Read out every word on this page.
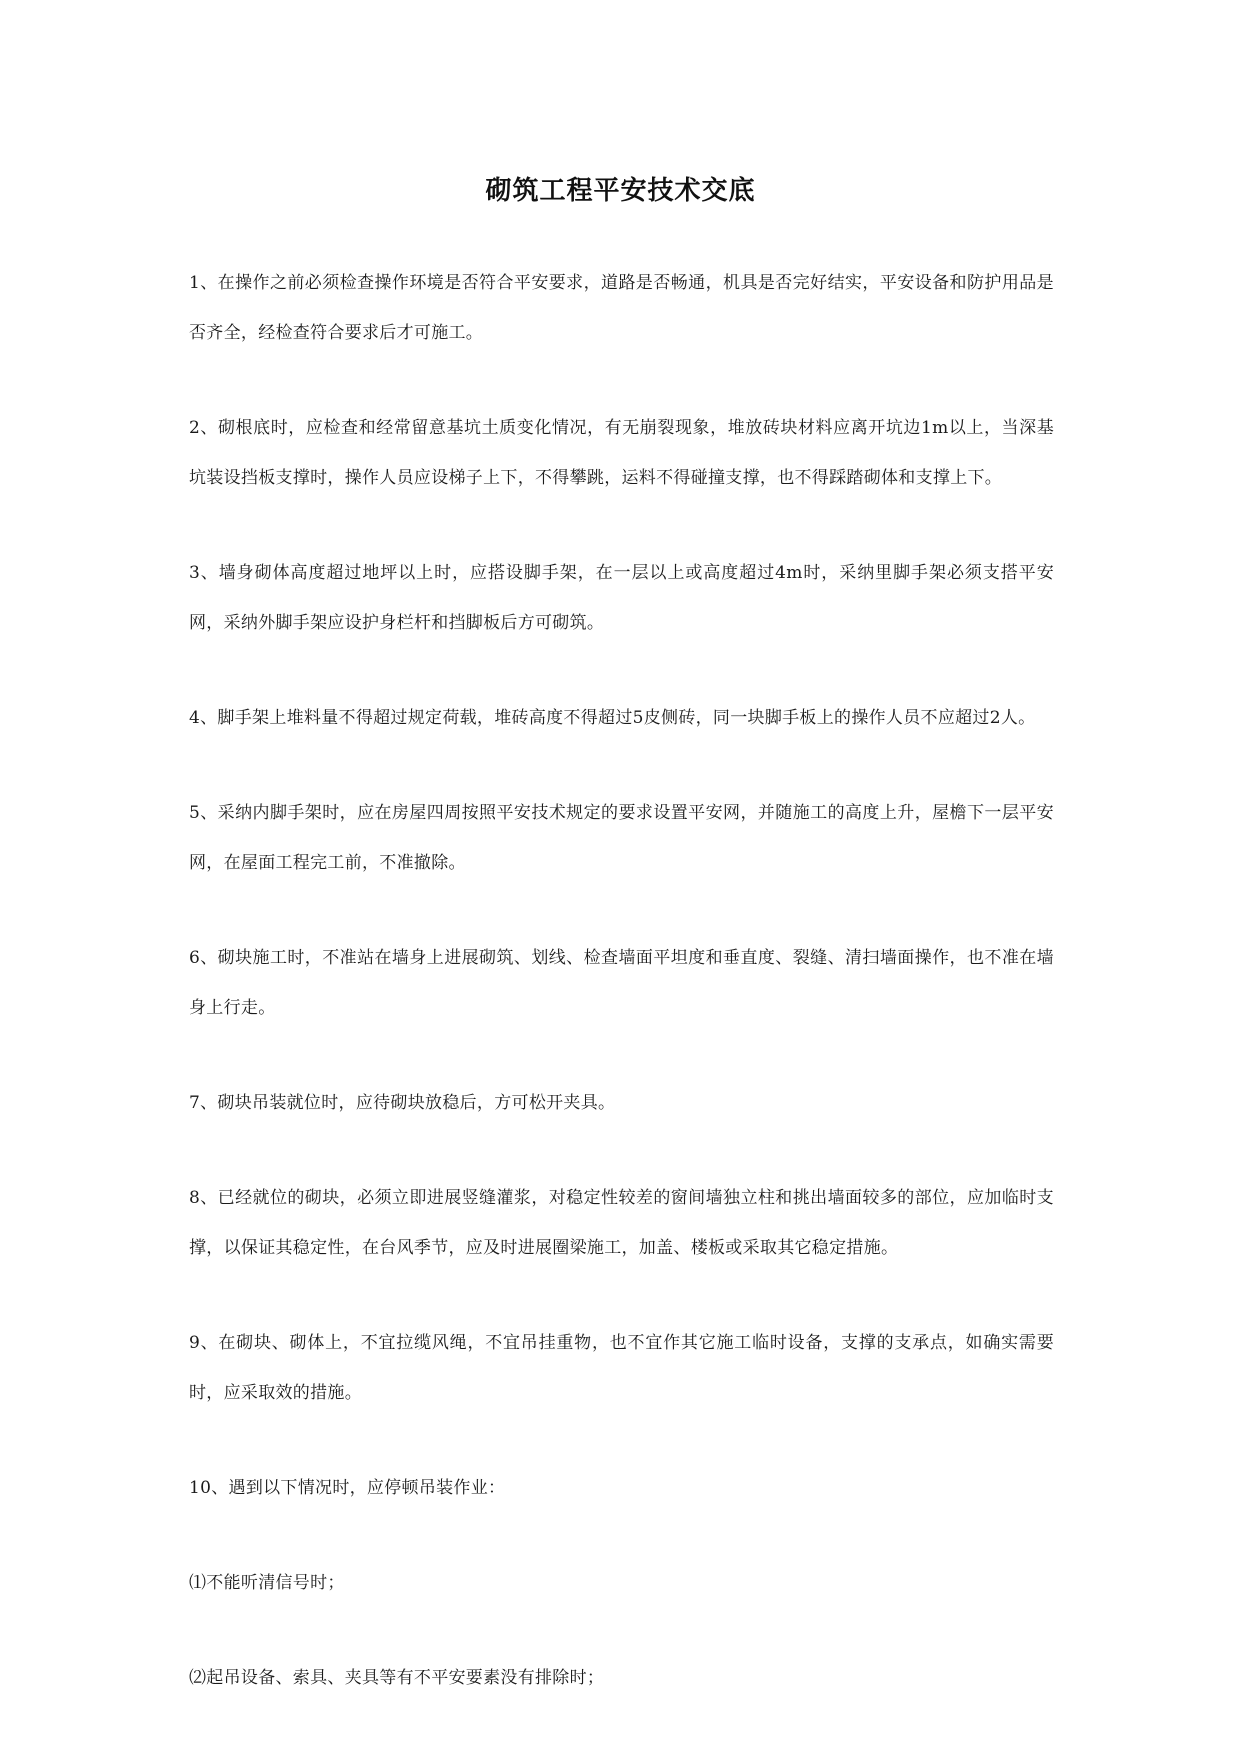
砌筑工程平安技术交底

1、在操作之前必须检查操作环境是否符合平安要求，道路是否畅通，机具是否完好结实，平安设备和防护用品是否齐全，经检查符合要求后才可施工。

2、砌根底时，应检查和经常留意基坑土质变化情况，有无崩裂现象，堆放砖块材料应离开坑边1m以上，当深基坑装设挡板支撑时，操作人员应设梯子上下，不得攀跳，运料不得碰撞支撑，也不得踩踏砌体和支撑上下。

3、墙身砌体高度超过地坪以上时，应搭设脚手架，在一层以上或高度超过4m时，采纳里脚手架必须支搭平安网，采纳外脚手架应设护身栏杆和挡脚板后方可砌筑。

4、脚手架上堆料量不得超过规定荷载，堆砖高度不得超过5皮侧砖，同一块脚手板上的操作人员不应超过2人。

5、采纳内脚手架时，应在房屋四周按照平安技术规定的要求设置平安网，并随施工的高度上升，屋檐下一层平安网，在屋面工程完工前，不准撤除。

6、砌块施工时，不准站在墙身上进展砌筑、划线、检查墙面平坦度和垂直度、裂缝、清扫墙面操作，也不准在墙身上行走。

7、砌块吊装就位时，应待砌块放稳后，方可松开夹具。

8、已经就位的砌块，必须立即进展竖缝灌浆，对稳定性较差的窗间墙独立柱和挑出墙面较多的部位，应加临时支撑，以保证其稳定性，在台风季节，应及时进展圈梁施工，加盖、楼板或采取其它稳定措施。

9、在砌块、砌体上，不宜拉缆风绳，不宜吊挂重物，也不宜作其它施工临时设备，支撑的支承点，如确实需要时，应采取效的措施。

10、遇到以下情况时，应停顿吊装作业：

⑴不能听清信号时；

⑵起吊设备、索具、夹具等有不平安要素没有排除时；
